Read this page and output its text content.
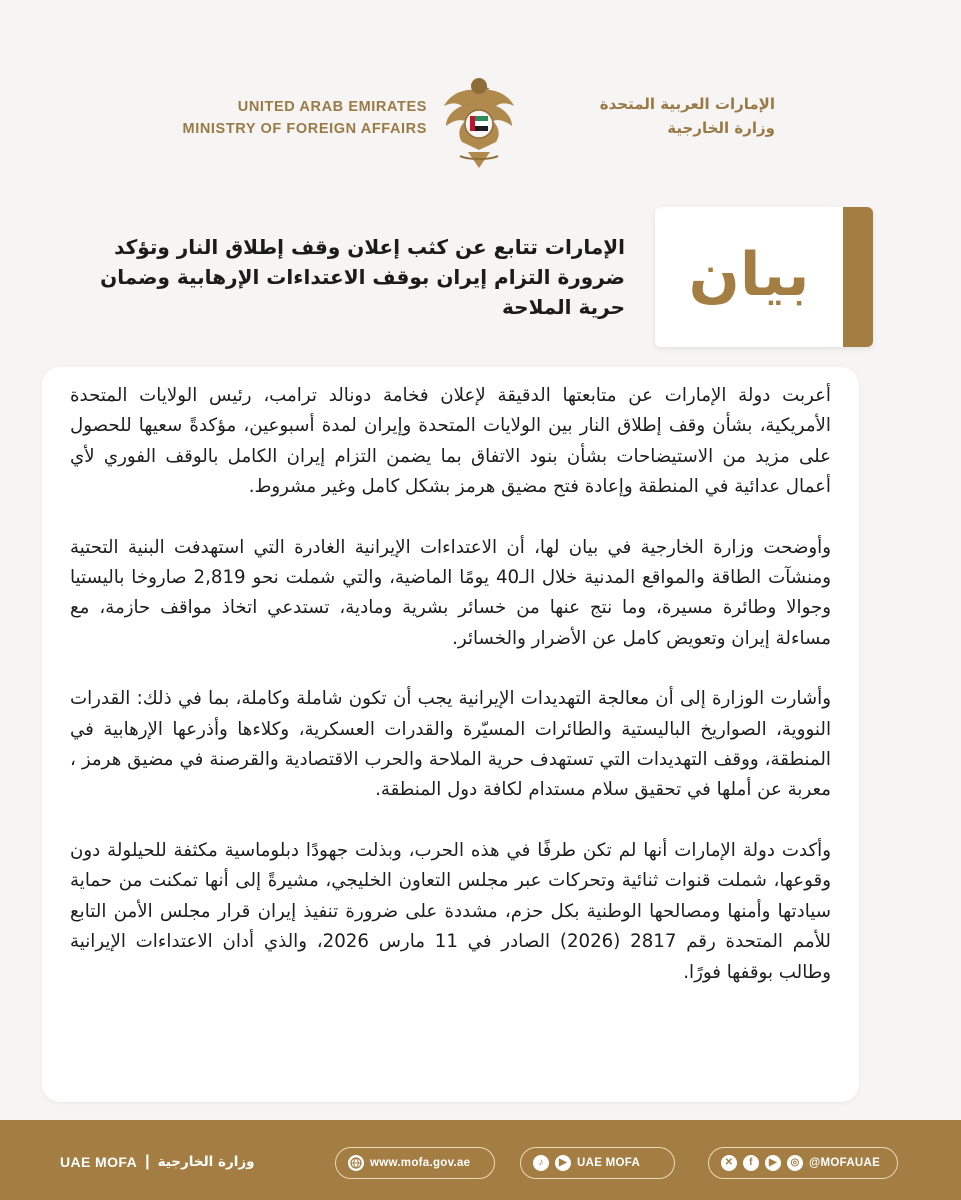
UNITED ARAB EMIRATES
MINISTRY OF FOREIGN AFFAIRS
الإمارات العربية المتحدة
وزارة الخارجية
بيان
الإمارات تتابع عن كثب إعلان وقف إطلاق النار وتؤكد ضرورة التزام إيران بوقف الاعتداءات الإرهابية وضمان حرية الملاحة

أعربت دولة الإمارات عن متابعتها الدقيقة لإعلان فخامة دونالد ترامب، رئيس الولايات المتحدة الأمريكية، بشأن وقف إطلاق النار بين الولايات المتحدة وإيران لمدة أسبوعين، مؤكدةً سعيها للحصول على مزيد من الاستيضاحات بشأن بنود الاتفاق بما يضمن التزام إيران الكامل بالوقف الفوري لأي أعمال عدائية في المنطقة وإعادة فتح مضيق هرمز بشكل كامل وغير مشروط.

وأوضحت وزارة الخارجية في بيان لها، أن الاعتداءات الإيرانية الغادرة التي استهدفت البنية التحتية ومنشآت الطاقة والمواقع المدنية خلال الـ40 يومًا الماضية، والتي شملت نحو 2,819 صاروخا باليستيا وجوالا وطائرة مسيرة، وما نتج عنها من خسائر بشرية ومادية، تستدعي اتخاذ مواقف حازمة، مع مساءلة إيران وتعويض كامل عن الأضرار والخسائر.

وأشارت الوزارة إلى أن معالجة التهديدات الإيرانية يجب أن تكون شاملة وكاملة، بما في ذلك: القدرات النووية، الصواريخ الباليستية والطائرات المسيّرة والقدرات العسكرية، وكلاءها وأذرعها الإرهابية في المنطقة، ووقف التهديدات التي تستهدف حرية الملاحة والحرب الاقتصادية والقرصنة في مضيق هرمز ، معربة عن أملها في تحقيق سلام مستدام لكافة دول المنطقة.

وأكدت دولة الإمارات أنها لم تكن طرفًا في هذه الحرب، وبذلت جهودًا دبلوماسية مكثفة للحيلولة دون وقوعها، شملت قنوات ثنائية وتحركات عبر مجلس التعاون الخليجي، مشيرةً إلى أنها تمكنت من حماية سيادتها وأمنها ومصالحها الوطنية بكل حزم، مشددة على ضرورة تنفيذ إيران قرار مجلس الأمن التابع للأمم المتحدة رقم 2817 (2026) الصادر في 11 مارس 2026، والذي أدان الاعتداءات الإيرانية وطالب بوقفها فورًا.

UAE MOFA | وزارة الخارجية	www.mofa.gov.ae	♪	▶ UAE MOFA	✕	f	▶	◎ @MOFAUAE
